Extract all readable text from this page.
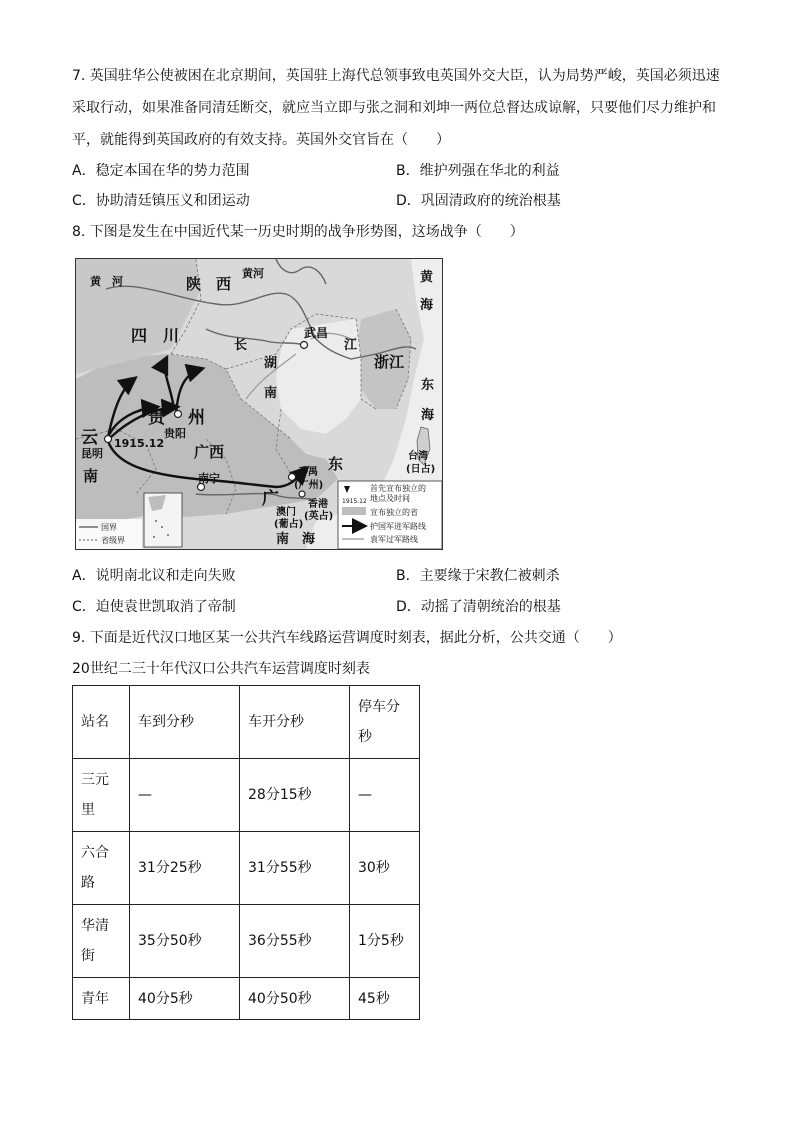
7. 英国驻华公使被困在北京期间，英国驻上海代总领事致电英国外交大臣，认为局势严峻，英国必须迅速
采取行动，如果准备同清廷断交，就应当立即与张之洞和刘坤一两位总督达成谅解，只要他们尽力维护和
平，就能得到英国政府的有效支持。英国外交官旨在（　　）
A．稳定本国在华的势力范围	B．维护列强在华北的利益
C．协助清廷镇压义和团运动	D．巩固清政府的统治根基
8. 下图是发生在中国近代某一历史时期的战争形势图，这场战争（　　）
黄　河	陕　西
黄河	黄
海
四　川	武昌
长	江
浙江
东
海
湖
南
贵 州
贵阳
云 1915.12
昆明
南
广西
南宁
东
广
番禺
(广州)
澳门
(葡占)
香港
(英占)
台湾
(日占)
南　海
国界
省级界
1915.12
首先宣布独立的
地点及时间
宣布独立的省
护国军进军路线
袁军过军路线
A．说明南北议和走向失败	B．主要缘于宋教仁被刺杀
C．迫使袁世凯取消了帝制	D．动摇了清朝统治的根基
9. 下面是近代汉口地区某一公共汽车线路运营调度时刻表，据此分析，公共交通（　　）
20世纪二三十年代汉口公共汽车运营调度时刻表
站名	车到分秒	车开分秒	停车分
秒

三元
里	—	28分15秒	—

六合
路	31分25秒	31分55秒	30秒

华清
街	35分50秒	36分55秒	1分5秒

青年	40分5秒	40分50秒	45秒
